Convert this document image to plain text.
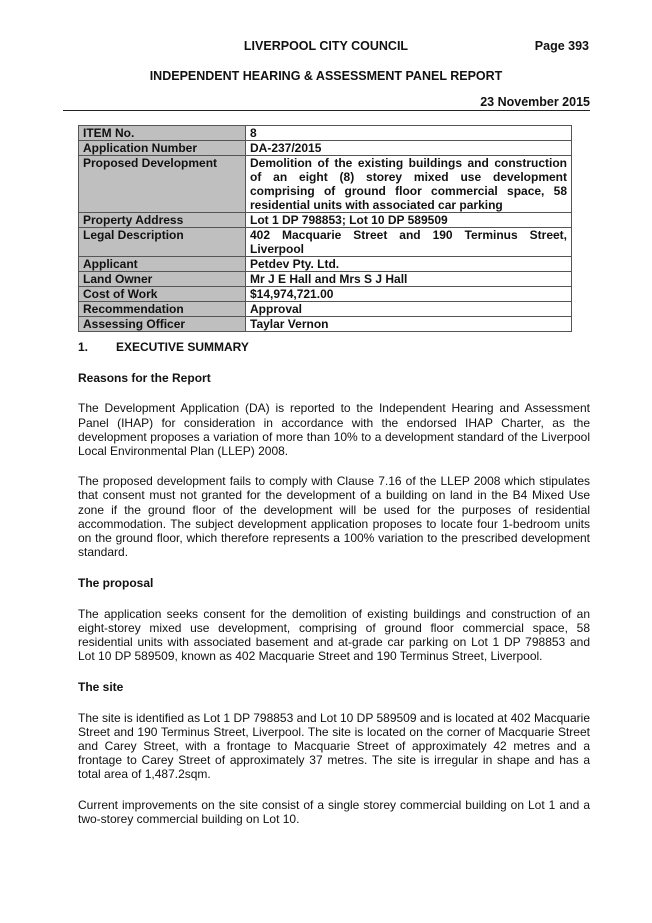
LIVERPOOL CITY COUNCIL	Page 393
INDEPENDENT HEARING & ASSESSMENT PANEL REPORT
23 November 2015
ITEM No.	8
Application Number	DA-237/2015
Proposed Development	Demolition of the existing buildings and construction of an eight (8) storey mixed use development comprising of ground floor commercial space, 58 residential units with associated car parking
Property Address	Lot 1 DP 798853; Lot 10 DP 589509
Legal Description	402 Macquarie Street and 190 Terminus Street, Liverpool
Applicant	Petdev Pty. Ltd.
Land Owner	Mr J E Hall and Mrs S J Hall
Cost of Work	$14,974,721.00
Recommendation	Approval
Assessing Officer	Taylar Vernon
1.	EXECUTIVE SUMMARY

Reasons for the Report

The Development Application (DA) is reported to the Independent Hearing and Assessment Panel (IHAP) for consideration in accordance with the endorsed IHAP Charter, as the development proposes a variation of more than 10% to a development standard of the Liverpool Local Environmental Plan (LLEP) 2008.

The proposed development fails to comply with Clause 7.16 of the LLEP 2008 which stipulates that consent must not granted for the development of a building on land in the B4 Mixed Use zone if the ground floor of the development will be used for the purposes of residential accommodation. The subject development application proposes to locate four 1-bedroom units on the ground floor, which therefore represents a 100% variation to the prescribed development standard.

The proposal

The application seeks consent for the demolition of existing buildings and construction of an eight-storey mixed use development, comprising of ground floor commercial space, 58 residential units with associated basement and at-grade car parking on Lot 1 DP 798853 and Lot 10 DP 589509, known as 402 Macquarie Street and 190 Terminus Street, Liverpool.

The site

The site is identified as Lot 1 DP 798853 and Lot 10 DP 589509 and is located at 402 Macquarie Street and 190 Terminus Street, Liverpool. The site is located on the corner of Macquarie Street and Carey Street, with a frontage to Macquarie Street of approximately 42 metres and a frontage to Carey Street of approximately 37 metres. The site is irregular in shape and has a total area of 1,487.2sqm.

Current improvements on the site consist of a single storey commercial building on Lot 1 and a two-storey commercial building on Lot 10.
